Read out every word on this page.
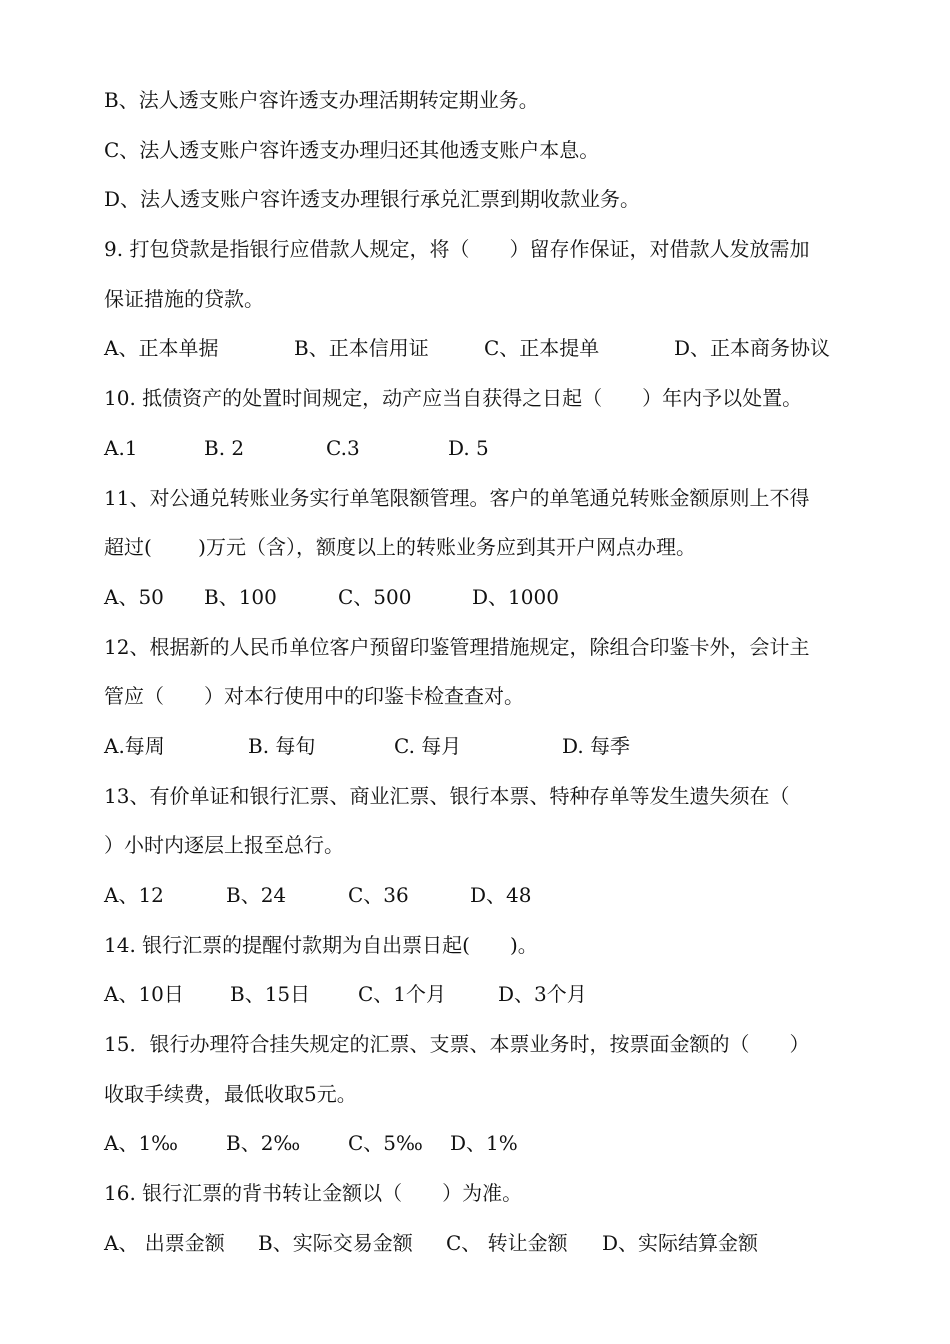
B、法人透支账户容许透支办理活期转定期业务。
C、法人透支账户容许透支办理归还其他透支账户本息。
D、法人透支账户容许透支办理银行承兑汇票到期收款业务。
9. 打包贷款是指银行应借款人规定，将（　　）留存作保证，对借款人发放需加
保证措施的贷款。
A、正本单据	B、正本信用证	C、正本提单	D、正本商务协议
10. 抵债资产的处置时间规定，动产应当自获得之日起（　　）年内予以处置。
A.1	B. 2	C.3	D. 5
11、对公通兑转账业务实行单笔限额管理。客户的单笔通兑转账金额原则上不得
超过(　　 )万元（含），额度以上的转账业务应到其开户网点办理。
A、50	B、100	C、500	D、1000
12、根据新的人民币单位客户预留印鉴管理措施规定，除组合印鉴卡外，会计主
管应（　　）对本行使用中的印鉴卡检查查对。
A.每周	B. 每旬	C. 每月	D. 每季
13、有价单证和银行汇票、商业汇票、银行本票、特种存单等发生遗失须在（
）小时内逐层上报至总行。
A、12	B、24	C、36	D、48
14. 银行汇票的提醒付款期为自出票日起(　　)。
A、10日	B、15日	C、1个月	D、3个月
15．银行办理符合挂失规定的汇票、支票、本票业务时，按票面金额的（　　）
收取手续费，最低收取5元。
A、1‰	B、2‰	C、5‰	D、1%
16. 银行汇票的背书转让金额以（　　）为准。
A、 出票金额	B、实际交易金额	C、 转让金额	D、实际结算金额
